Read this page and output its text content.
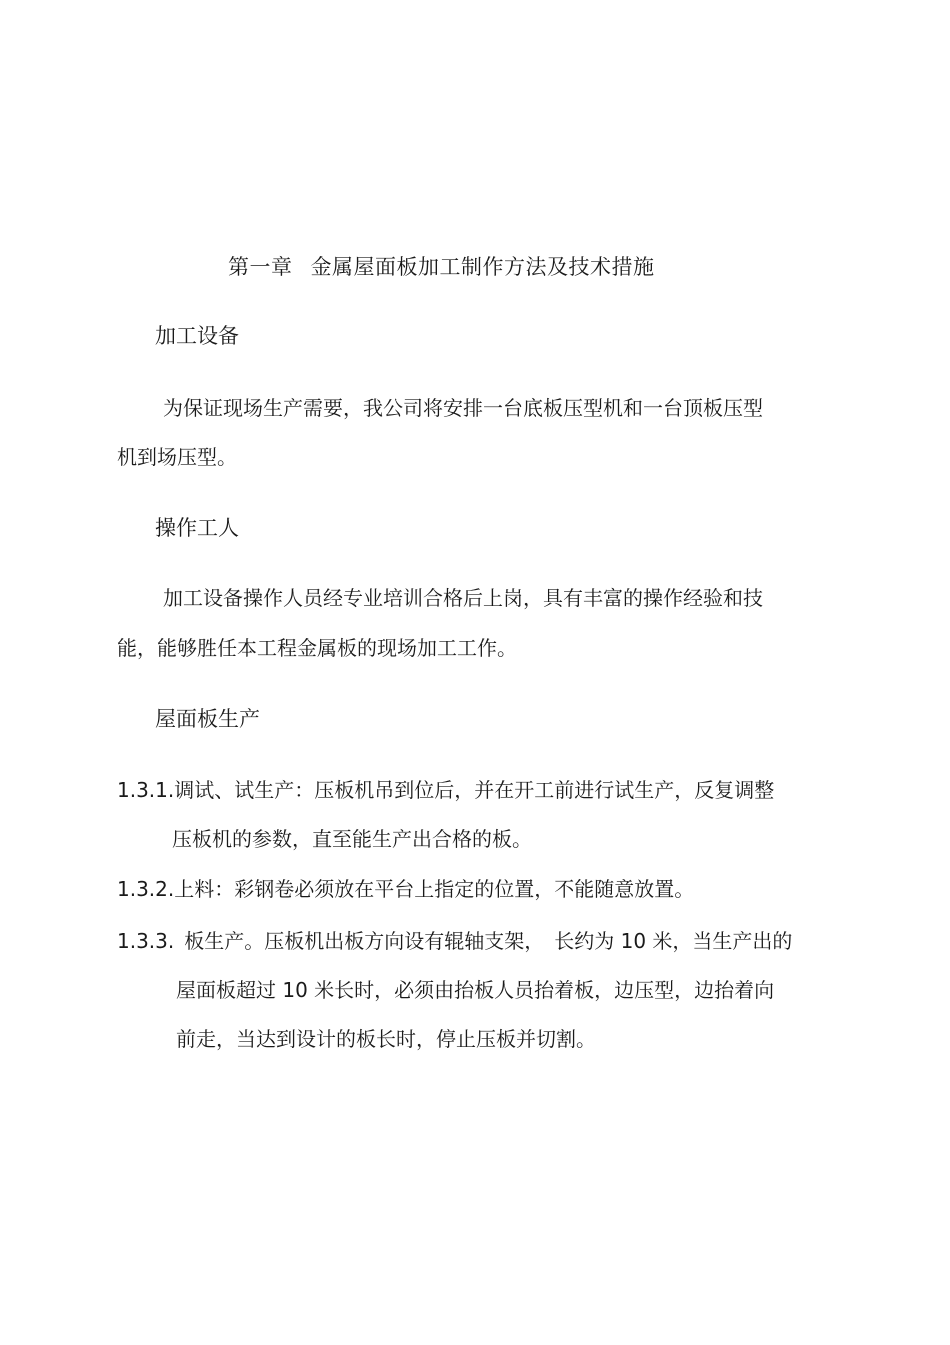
第一章 金属屋面板加工制作方法及技术措施
加工设备
为保证现场生产需要，我公司将安排一台底板压型机和一台顶板压型
机到场压型。
操作工人
加工设备操作人员经专业培训合格后上岗，具有丰富的操作经验和技
能，能够胜任本工程金属板的现场加工工作。
屋面板生产
1.3.1.调试、试生产：压板机吊到位后，并在开工前进行试生产，反复调整
压板机的参数，直至能生产出合格的板。
1.3.2.上料：彩钢卷必须放在平台上指定的位置，不能随意放置。
1.3.3. 板生产。压板机出板方向设有辊轴支架，　长约为 10 米，当生产出的
屋面板超过 10 米长时，必须由抬板人员抬着板，边压型，边抬着向
前走，当达到设计的板长时，停止压板并切割。
